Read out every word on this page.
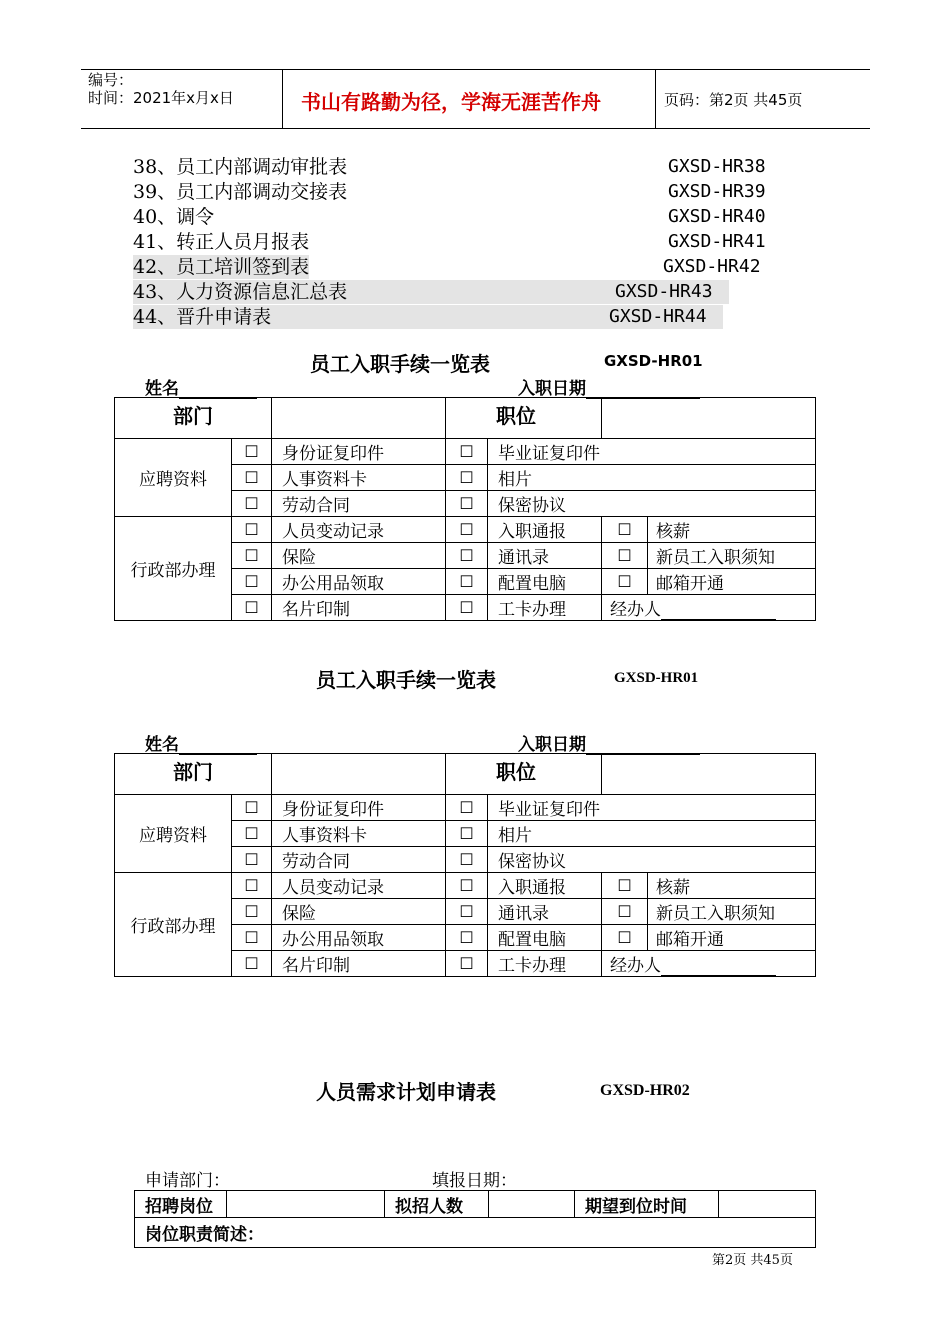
编号：
时间：2021年x月x日	书山有路勤为径，学海无涯苦作舟	页码：第2页 共45页
38、员工内部调动审批表	GXSD-HR38
39、员工内部调动交接表	GXSD-HR39
40、调令	GXSD-HR40
41、转正人员月报表	GXSD-HR41
42、员工培训签到表	GXSD-HR42
43、人力资源信息汇总表	GXSD-HR43
44、晋升申请表	GXSD-HR44
员工入职手续一览表	GXSD-HR01
姓名	入职日期
部门			职位			
应聘资料	☐	身份证复印件	☐	毕业证复印件		
	☐	人事资料卡	☐	相片		
	☐	劳动合同	☐	保密协议		
行政部办理	☐	人员变动记录	☐	入职通报	☐	核薪
	☐	保险	☐	通讯录	☐	新员工入职须知
	☐	办公用品领取	☐	配置电脑	☐	邮箱开通
	☐	名片印制	☐	工卡办理	经办人	
员工入职手续一览表	GXSD-HR01
姓名	入职日期
部门			职位			
应聘资料	☐	身份证复印件	☐	毕业证复印件		
	☐	人事资料卡	☐	相片		
	☐	劳动合同	☐	保密协议		
行政部办理	☐	人员变动记录	☐	入职通报	☐	核薪
	☐	保险	☐	通讯录	☐	新员工入职须知
	☐	办公用品领取	☐	配置电脑	☐	邮箱开通
	☐	名片印制	☐	工卡办理	经办人	
人员需求计划申请表	GXSD-HR02
申请部门：	填报日期：
招聘岗位		拟招人数		期望到位时间	
岗位职责简述：
第2页 共45页
